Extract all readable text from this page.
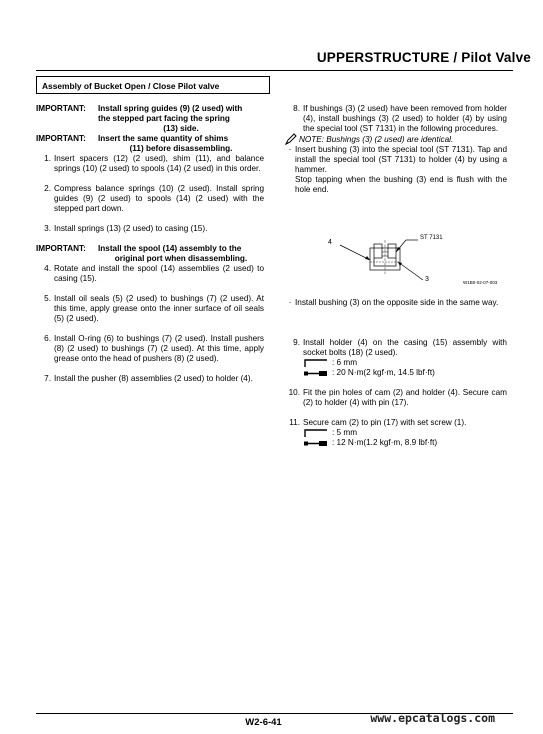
UPPERSTRUCTURE / Pilot Valve
Assembly of Bucket Open / Close Pilot valve
IMPORTANT:	Install spring guides (9) (2 used) with
the stepped part facing the spring
(13) side.
IMPORTANT:	Insert the same quantity of shims
(11) before disassembling.
1. Insert spacers (12) (2 used), shim (11), and balance springs (10) (2 used) to spools (14) (2 used) in this order.
2. Compress balance springs (10) (2 used). Install spring guides (9) (2 used) to spools (14) (2 used) with the stepped part down.
3. Install springs (13) (2 used) to casing (15).
IMPORTANT:	Install the spool (14) assembly to the
original port when disassembling.
4. Rotate and install the spool (14) assemblies (2 used) to casing (15).
5. Install oil seals (5) (2 used) to bushings (7) (2 used). At this time, apply grease onto the inner surface of oil seals (5) (2 used).
6. Install O-ring (6) to bushings (7) (2 used). Install pushers (8) (2 used) to bushings (7) (2 used). At this time, apply grease onto the head of pushers (8) (2 used).
7. Install the pusher (8) assemblies (2 used) to holder (4).
8. If bushings (3) (2 used) have been removed from holder (4), install bushings (3) (2 used) to holder (4) by using the special tool (ST 7131) in the following procedures.
NOTE: Bushings (3) (2 used) are identical.
· Insert bushing (3) into the special tool (ST 7131). Tap and install the special tool (ST 7131) to holder (4) by using a hammer.
Stop tapping when the bushing (3) end is flush with the hole end.
ST 7131
4
3	W1B0-02-07-003
· Install bushing (3) on the opposite side in the same way.
9. Install holder (4) on the casing (15) assembly with socket bolts (18) (2 used).
: 6 mm
: 20 N·m(2 kgf·m, 14.5 lbf·ft)
10. Fit the pin holes of cam (2) and holder (4). Secure cam (2) to holder (4) with pin (17).
11. Secure cam (2) to pin (17) with set screw (1).
: 5 mm
: 12 N·m(1.2 kgf·m, 8.9 lbf·ft)
W2-6-41	www.epcatalogs.com
